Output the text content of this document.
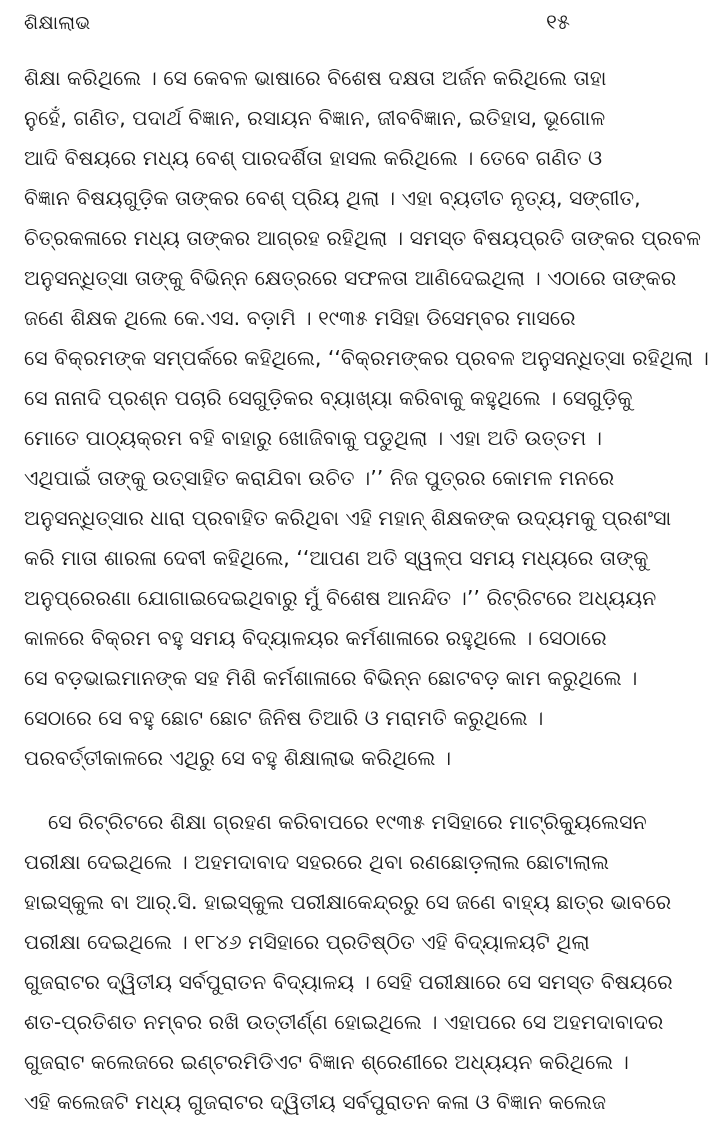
ଶିକ୍ଷାଲାଭ	୧୫
ଶିକ୍ଷା କରିଥିଲେ । ସେ କେବଳ ଭାଷାରେ ବିଶେଷ ଦକ୍ଷତା ଅର୍ଜନ କରିଥିଲେ ତାହା
ନୁହେଁ, ଗଣିତ, ପଦାର୍ଥ ବିଜ୍ଞାନ, ରସାୟନ ବିଜ୍ଞାନ, ଜୀବବିଜ୍ଞାନ, ଇତିହାସ, ଭୂଗୋଳ
ଆଦି ବିଷୟରେ ମଧ୍ୟ ବେଶ୍ ପାରଦର୍ଶିତା ହାସଲ କରିଥିଲେ । ତେବେ ଗଣିତ ଓ
ବିଜ୍ଞାନ ବିଷୟଗୁଡ଼ିକ ତାଙ୍କର ବେଶ୍ ପ୍ରିୟ ଥିଲା । ଏହା ବ୍ୟତୀତ ନୃତ୍ୟ, ସଙ୍ଗୀତ,
ଚିତ୍ରକଳାରେ ମଧ୍ୟ ତାଙ୍କର ଆଗ୍ରହ ରହିଥିଲା । ସମସ୍ତ ବିଷୟପ୍ରତି ତାଙ୍କର ପ୍ରବଳ
ଅନୁସନ୍ଧିତ୍ସା ତାଙ୍କୁ ବିଭିନ୍ନ କ୍ଷେତ୍ରରେ ସଫଳତା ଆଣିଦେଇଥିଲା । ଏଠାରେ ତାଙ୍କର
ଜଣେ ଶିକ୍ଷକ ଥିଲେ କେ.ଏସ. ବଡ଼ାମି । ୧୯୩୫ ମସିହା ଡିସେମ୍ବର ମାସରେ
ସେ ବିକ୍ରମଙ୍କ ସମ୍ପର୍କରେ କହିଥିଲେ, ‘‘ବିକ୍ରମଙ୍କର ପ୍ରବଳ ଅନୁସନ୍ଧିତ୍ସା ରହିଥିଲା ।
ସେ ନାନାଦି ପ୍ରଶ୍ନ ପଚାରି ସେଗୁଡ଼ିକର ବ୍ୟାଖ୍ୟା କରିବାକୁ କହୁଥିଲେ । ସେଗୁଡ଼ିକୁ
ମୋତେ ପାଠ୍ୟକ୍ରମ ବହି ବାହାରୁ ଖୋଜିବାକୁ ପଡୁଥିଲା । ଏହା ଅତି ଉତ୍ତମ ।
ଏଥିପାଇଁ ତାଙ୍କୁ ଉତ୍ସାହିତ କରାଯିବା ଉଚିତ ।’’ ନିଜ ପୁତ୍ରର କୋମଳ ମନରେ
ଅନୁସନ୍ଧିତ୍ସାର ଧାରା ପ୍ରବାହିତ କରିଥିବା ଏହି ମହାନ୍ ଶିକ୍ଷକଙ୍କ ଉଦ୍ୟମକୁ ପ୍ରଶଂସା
କରି ମାତା ଶାରଳା ଦେବୀ କହିଥିଲେ, ‘‘ଆପଣ ଅତି ସ୍ୱଳ୍ପ ସମୟ ମଧ୍ୟରେ ତାଙ୍କୁ
ଅନୁପ୍ରେରଣା ଯୋଗାଇଦେଇଥିବାରୁ ମୁଁ ବିଶେଷ ଆନନ୍ଦିତ ।’’ ରିଟ୍ରିଟରେ ଅଧ୍ୟୟନ
କାଳରେ ବିକ୍ରମ ବହୁ ସମୟ ବିଦ୍ୟାଳୟର କର୍ମଶାଳାରେ ରହୁଥିଲେ । ସେଠାରେ
ସେ ବଡ଼ଭାଇମାନଙ୍କ ସହ ମିଶି କର୍ମଶାଳାରେ ବିଭିନ୍ନ ଛୋଟବଡ଼ କାମ କରୁଥିଲେ ।
ସେଠାରେ ସେ ବହୁ ଛୋଟ ଛୋଟ ଜିନିଷ ତିଆରି ଓ ମରାମତି କରୁଥିଲେ ।
ପରବର୍ତ୍ତୀକାଳରେ ଏଥିରୁ ସେ ବହୁ ଶିକ୍ଷାଲାଭ କରିଥିଲେ ।
ସେ ରିଟ୍ରିଟରେ ଶିକ୍ଷା ଗ୍ରହଣ କରିବାପରେ ୧୯୩୫ ମସିହାରେ ମାଟ୍ରିକ୍ୟୁଲେସନ
ପରୀକ୍ଷା ଦେଇଥିଲେ । ଅହମଦାବାଦ ସହରରେ ଥିବା ରଣଛୋଡ଼ଲାଲ ଛୋଟାଲାଲ
ହାଇସ୍କୁଲ ବା ଆର୍.ସି. ହାଇସ୍କୁଲ ପରୀକ୍ଷାକେନ୍ଦ୍ରରୁ ସେ ଜଣେ ବାହ୍ୟ ଛାତ୍ର ଭାବରେ
ପରୀକ୍ଷା ଦେଇଥିଲେ । ୧୮୪୬ ମସିହାରେ ପ୍ରତିଷ୍ଠିତ ଏହି ବିଦ୍ୟାଳୟଟି ଥିଲା
ଗୁଜରାଟର ଦ୍ୱିତୀୟ ସର୍ବପୁରାତନ ବିଦ୍ୟାଳୟ । ସେହି ପରୀକ୍ଷାରେ ସେ ସମସ୍ତ ବିଷୟରେ
ଶତ-ପ୍ରତିଶତ ନମ୍ବର ରଖି ଉତ୍ତୀର୍ଣ୍ଣ ହୋଇଥିଲେ । ଏହାପରେ ସେ ଅହମଦାବାଦର
ଗୁଜରାଟ କଲେଜରେ ଇଣ୍ଟରମିଡିଏଟ ବିଜ୍ଞାନ ଶ୍ରେଣୀରେ ଅଧ୍ୟୟନ କରିଥିଲେ ।
ଏହି କଲେଜଟି ମଧ୍ୟ ଗୁଜରାଟର ଦ୍ୱିତୀୟ ସର୍ବପୁରାତନ କଳା ଓ ବିଜ୍ଞାନ କଲେଜ
